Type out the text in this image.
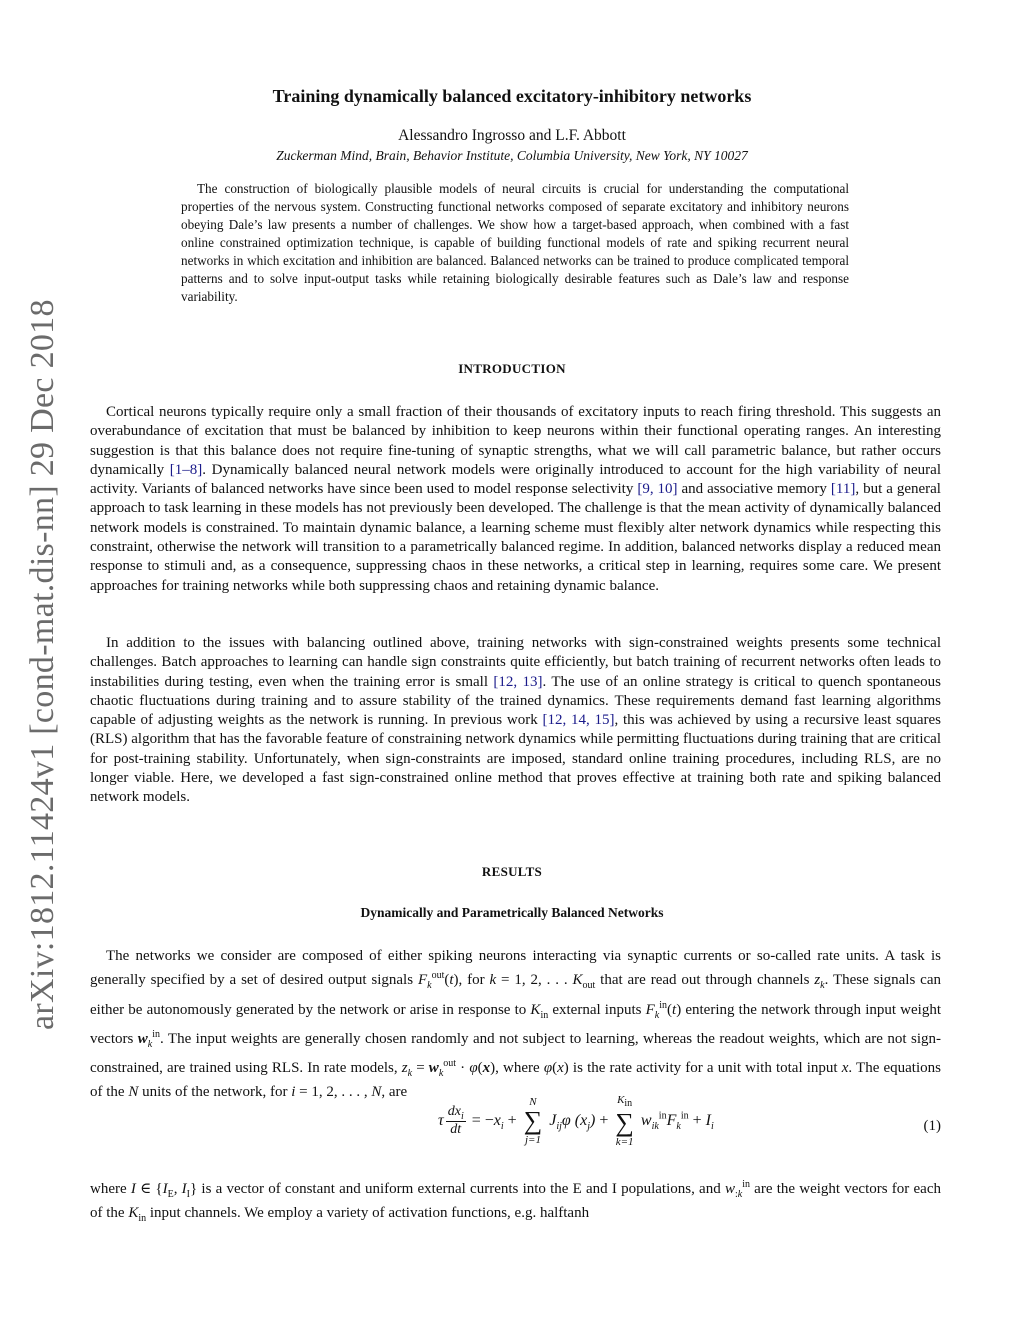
arXiv:1812.11424v1 [cond-mat.dis-nn] 29 Dec 2018
Training dynamically balanced excitatory-inhibitory networks
Alessandro Ingrosso and L.F. Abbott
Zuckerman Mind, Brain, Behavior Institute, Columbia University, New York, NY 10027

The construction of biologically plausible models of neural circuits is crucial for understanding the computational properties of the nervous system. Constructing functional networks composed of separate excitatory and inhibitory neurons obeying Dale’s law presents a number of challenges. We show how a target-based approach, when combined with a fast online constrained optimization technique, is capable of building functional models of rate and spiking recurrent neural networks in which excitation and inhibition are balanced. Balanced networks can be trained to produce complicated temporal patterns and to solve input-output tasks while retaining biologically desirable features such as Dale’s law and response variability.

INTRODUCTION

Cortical neurons typically require only a small fraction of their thousands of excitatory inputs to reach firing threshold. This suggests an overabundance of excitation that must be balanced by inhibition to keep neurons within their functional operating ranges. An interesting suggestion is that this balance does not require fine-tuning of synaptic strengths, what we will call parametric balance, but rather occurs dynamically [1–8]. Dynamically balanced neural network models were originally introduced to account for the high variability of neural activity. Variants of balanced networks have since been used to model response selectivity [9, 10] and associative memory [11], but a general approach to task learning in these models has not previously been developed. The challenge is that the mean activity of dynamically balanced network models is constrained. To maintain dynamic balance, a learning scheme must flexibly alter network dynamics while respecting this constraint, otherwise the network will transition to a parametrically balanced regime. In addition, balanced networks display a reduced mean response to stimuli and, as a consequence, suppressing chaos in these networks, a critical step in learning, requires some care. We present approaches for training networks while both suppressing chaos and retaining dynamic balance.

In addition to the issues with balancing outlined above, training networks with sign-constrained weights presents some technical challenges. Batch approaches to learning can handle sign constraints quite efficiently, but batch training of recurrent networks often leads to instabilities during testing, even when the training error is small [12, 13]. The use of an online strategy is critical to quench spontaneous chaotic fluctuations during training and to assure stability of the trained dynamics. These requirements demand fast learning algorithms capable of adjusting weights as the network is running. In previous work [12, 14, 15], this was achieved by using a recursive least squares (RLS) algorithm that has the favorable feature of constraining network dynamics while permitting fluctuations during training that are critical for post-training stability. Unfortunately, when sign-constraints are imposed, standard online training procedures, including RLS, are no longer viable. Here, we developed a fast sign-constrained online method that proves effective at training both rate and spiking balanced network models.

RESULTS
Dynamically and Parametrically Balanced Networks

The networks we consider are composed of either spiking neurons interacting via synaptic currents or so-called rate units. A task is generally specified by a set of desired output signals $F_k^{out}(t)$, for k = 1, 2, . . . $K_{out}$ that are read out through channels $z_k$. These signals can either be autonomously generated by the network or arise in response to $K_{in}$ external inputs $F_k^{in}(t)$ entering the network through input weight vectors $w_k^{in}$. The input weights are generally chosen randomly and not subject to learning, whereas the readout weights, which are not sign-constrained, are trained using RLS. In rate models, $z_k = w_k^{out} \cdot \varphi(x)$, where φ(x) is the rate activity for a unit with total input x. The equations of the N units of the network, for i = 1, 2, . . . , N, are

τ $\frac{dx_i}{dt} = -x_i$ +
N
∑
j=1
$J_{ij}\varphi$ $(x_j)$ +
$K_{in}$
∑
k=1
$w_{ik}^{in}F_k^{in} + I_i$	(1)

where I ∈ {$I_E$, $I_I$} is a vector of constant and uniform external currents into the E and I populations, and $w_{:k}^{in}$ are the weight vectors for each of the $K_{in}$ input channels. We employ a variety of activation functions, e.g. halftanh
